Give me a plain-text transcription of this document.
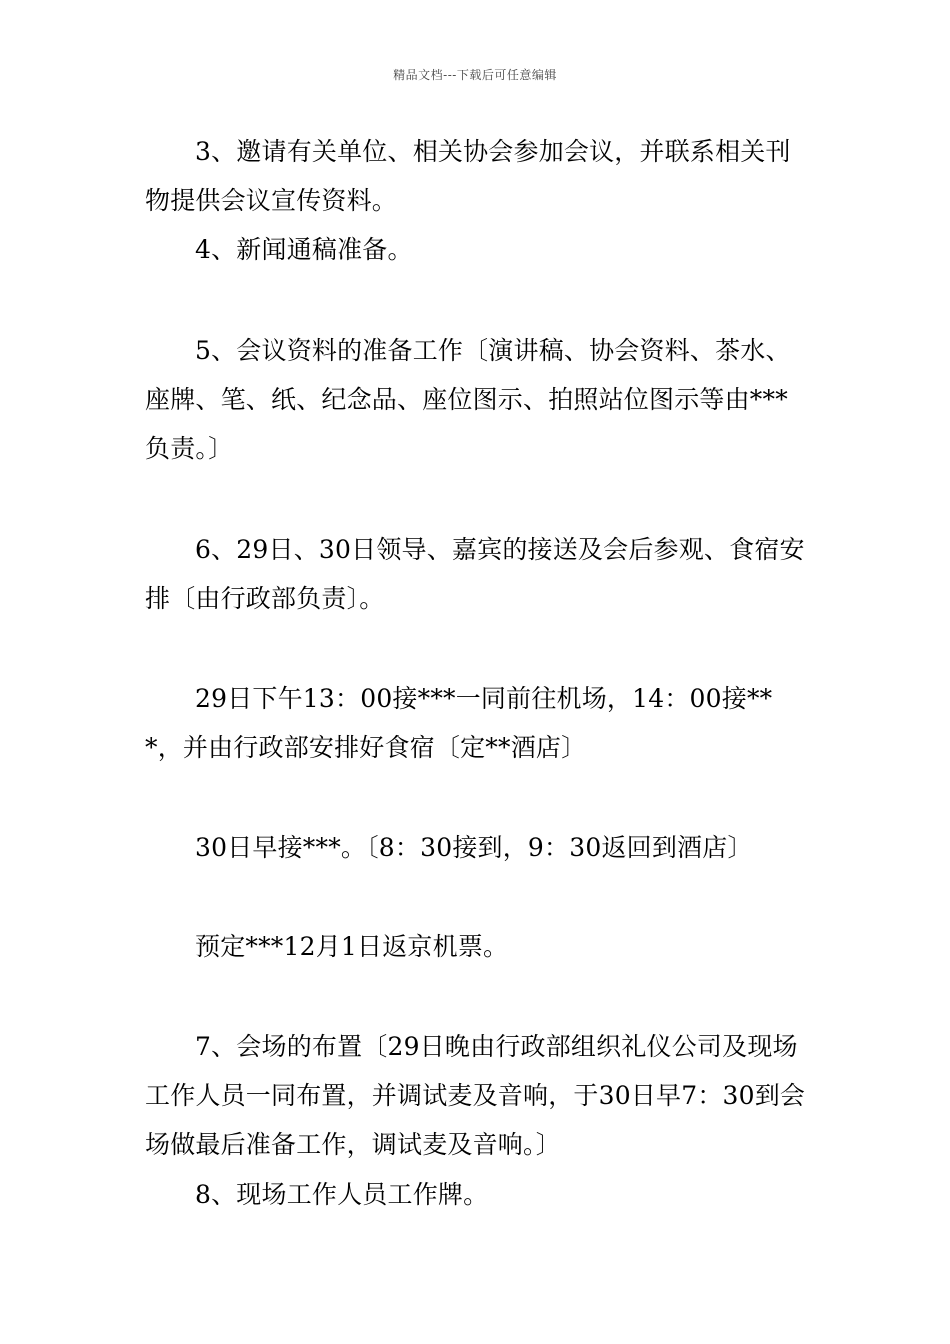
精品文档---下载后可任意编辑

3、邀请有关单位、相关协会参加会议，并联系相关刊物提供会议宣传资料。

4、新闻通稿准备。

5、会议资料的准备工作〔演讲稿、协会资料、茶水、座牌、笔、纸、纪念品、座位图示、拍照站位图示等由***负责。〕

6、29日、30日领导、嘉宾的接送及会后参观、食宿安排〔由行政部负责〕。

29日下午13：00接***一同前往机场，14：00接***，并由行政部安排好食宿〔定**酒店〕

30日早接***。〔8：30接到，9：30返回到酒店〕

预定***12月1日返京机票。

7、会场的布置〔29日晚由行政部组织礼仪公司及现场工作人员一同布置，并调试麦及音响，于30日早7：30到会场做最后准备工作，调试麦及音响。〕

8、现场工作人员工作牌。
